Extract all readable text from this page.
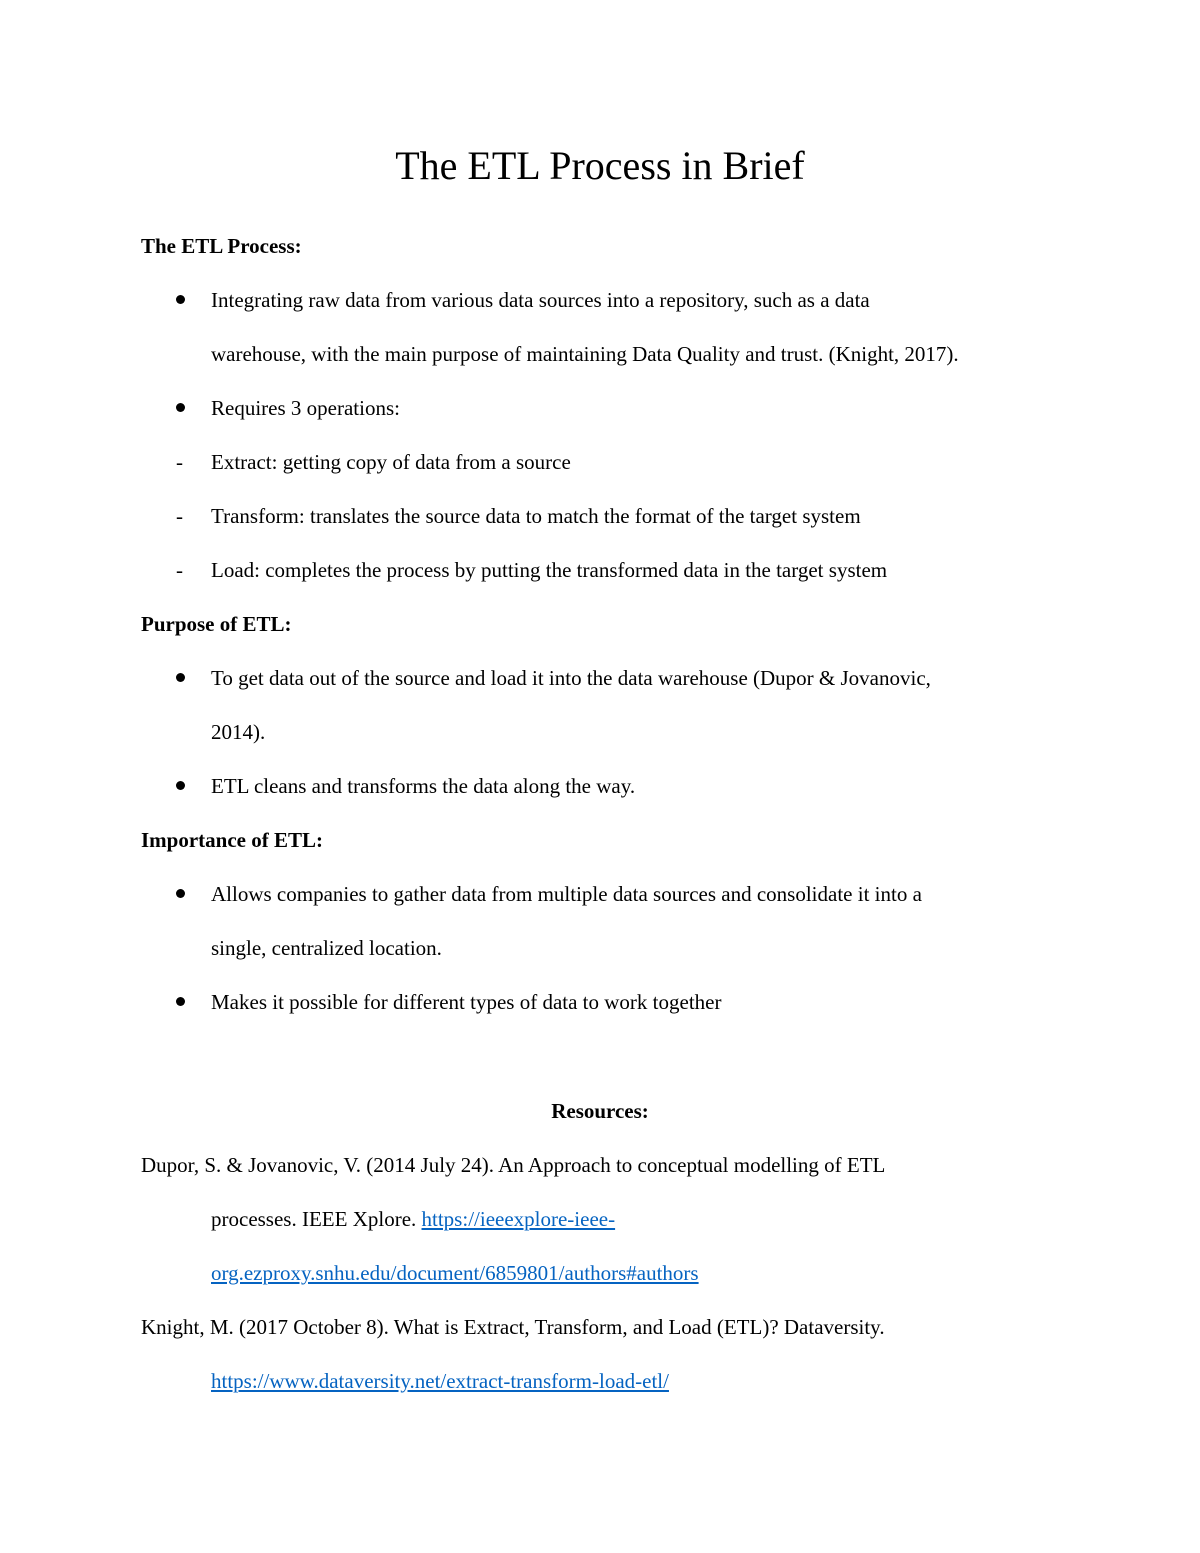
The ETL Process in Brief

The ETL Process:

Integrating raw data from various data sources into a repository, such as a data

warehouse, with the main purpose of maintaining Data Quality and trust. (Knight, 2017).

Requires 3 operations:

- Extract: getting copy of data from a source

- Transform: translates the source data to match the format of the target system

- Load: completes the process by putting the transformed data in the target system

Purpose of ETL:

To get data out of the source and load it into the data warehouse (Dupor & Jovanovic,

2014).

ETL cleans and transforms the data along the way.

Importance of ETL:

Allows companies to gather data from multiple data sources and consolidate it into a

single, centralized location.

Makes it possible for different types of data to work together

Resources:

Dupor, S. & Jovanovic, V. (2014 July 24). An Approach to conceptual modelling of ETL

processes. IEEE Xplore. https://ieeexplore-ieee-

org.ezproxy.snhu.edu/document/6859801/authors#authors

Knight, M. (2017 October 8). What is Extract, Transform, and Load (ETL)? Dataversity.

https://www.dataversity.net/extract-transform-load-etl/
